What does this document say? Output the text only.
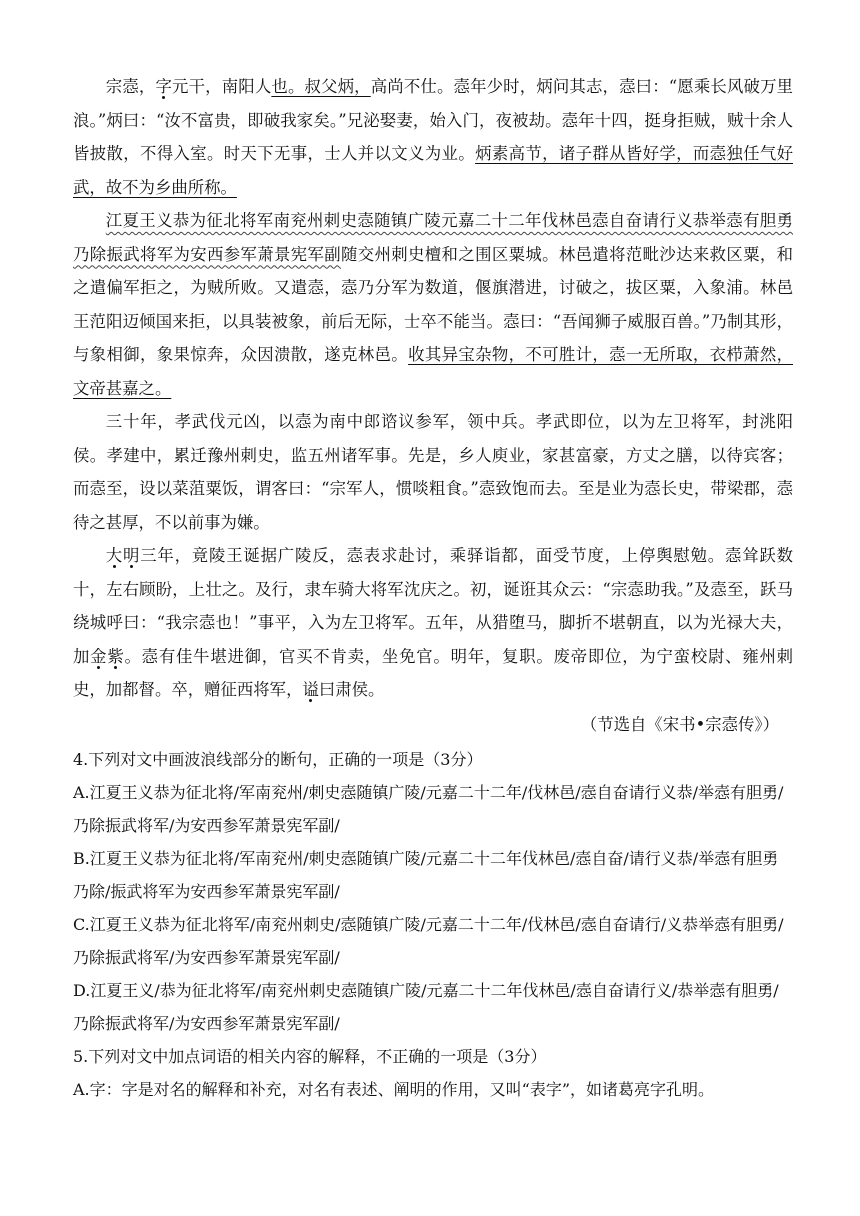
宗悫，字元干，南阳人也。叔父炳，高尚不仕。悫年少时，炳问其志，悫曰：“愿乘长风破万里浪。”炳曰：“汝不富贵，即破我家矣。”兄泌娶妻，始入门，夜被劫。悫年十四，挺身拒贼，贼十余人皆披散，不得入室。时天下无事，士人并以文义为业。炳素高节，诸子群从皆好学，而悫独任气好武，故不为乡曲所称。

江夏王义恭为征北将军南兖州刺史悫随镇广陵元嘉二十二年伐林邑悫自奋请行义恭举悫有胆勇乃除振武将军为安西参军萧景宪军副随交州刺史檀和之围区粟城。林邑遣将范毗沙达来救区粟，和之遣偏军拒之，为贼所败。又遣悫，悫乃分军为数道，偃旗潜进，讨破之，拔区粟，入象浦。林邑王范阳迈倾国来拒，以具装被象，前后无际，士卒不能当。悫曰：“吾闻狮子威服百兽。”乃制其形，与象相御，象果惊奔，众因溃散，遂克林邑。收其异宝杂物，不可胜计，悫一无所取，衣栉萧然，文帝甚嘉之。

三十年，孝武伐元凶，以悫为南中郎谘议参军，领中兵。孝武即位，以为左卫将军，封洮阳侯。孝建中，累迁豫州刺史，监五州诸军事。先是，乡人庾业，家甚富豪，方丈之膳，以待宾客；而悫至，设以菜菹粟饭，谓客曰：“宗军人，惯啖粗食。”悫致饱而去。至是业为悫长史，带梁郡，悫待之甚厚，不以前事为嫌。

大明三年，竟陵王诞据广陵反，悫表求赴讨，乘驿诣都，面受节度，上停舆慰勉。悫耸跃数十，左右顾盼，上壮之。及行，隶车骑大将军沈庆之。初，诞诳其众云：“宗悫助我。”及悫至，跃马绕城呼曰：“我宗悫也！”事平，入为左卫将军。五年，从猎堕马，脚折不堪朝直，以为光禄大夫，加金紫。悫有佳牛堪进御，官买不肯卖，坐免官。明年，复职。废帝即位，为宁蛮校尉、雍州刺史，加都督。卒，赠征西将军，谥曰肃侯。

（节选自《宋书•宗悫传》）

4.下列对文中画波浪线部分的断句，正确的一项是（3分）

A.江夏王义恭为征北将/军南兖州/刺史悫随镇广陵/元嘉二十二年/伐林邑/悫自奋请行义恭/举悫有胆勇/乃除振武将军/为安西参军萧景宪军副/

B.江夏王义恭为征北将/军南兖州/刺史悫随镇广陵/元嘉二十二年伐林邑/悫自奋/请行义恭/举悫有胆勇乃除/振武将军为安西参军萧景宪军副/

C.江夏王义恭为征北将军/南兖州刺史/悫随镇广陵/元嘉二十二年/伐林邑/悫自奋请行/义恭举悫有胆勇/乃除振武将军/为安西参军萧景宪军副/

D.江夏王义/恭为征北将军/南兖州刺史悫随镇广陵/元嘉二十二年伐林邑/悫自奋请行义/恭举悫有胆勇/乃除振武将军/为安西参军萧景宪军副/

5.下列对文中加点词语的相关内容的解释，不正确的一项是（3分）

A.字：字是对名的解释和补充，对名有表述、阐明的作用，又叫“表字”，如诸葛亮字孔明。
